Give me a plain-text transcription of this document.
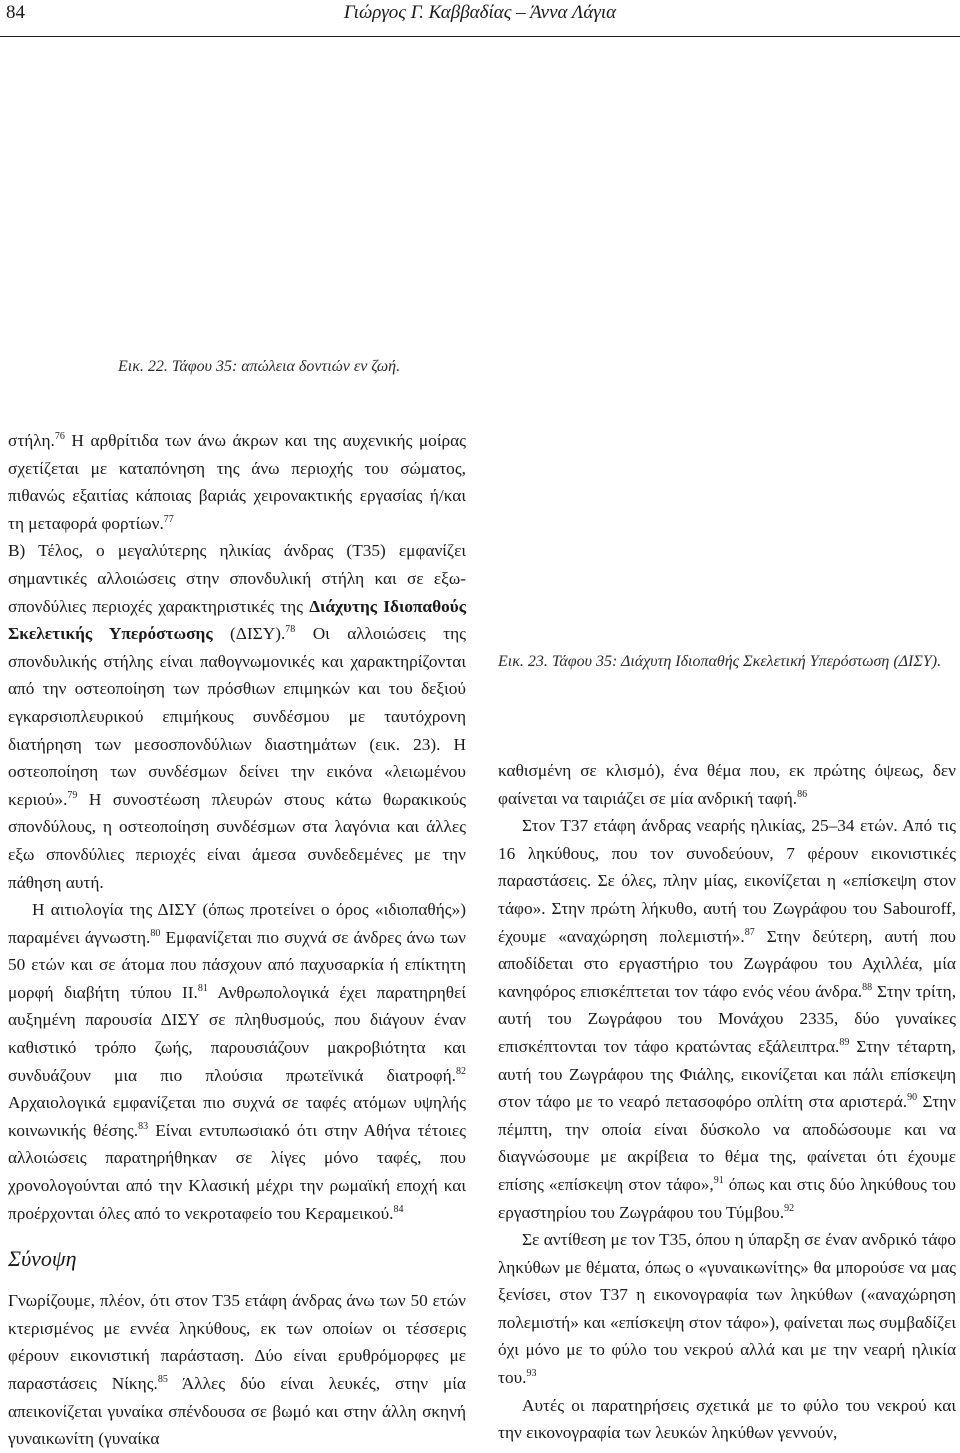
84	Γιώργος Γ. Καββαδίας – Άννα Λάγια
Εικ. 22. Τάφου 35: απώλεια δοντιών εν ζωή.
Εικ. 23. Τάφου 35: Διάχυτη Ιδιοπαθής Σκελετική Υπερόστωση (ΔΙΣΥ).

στήλη.$^{76}$ Η αρθρίτιδα των άνω άκρων και της αυχενικής μοίρας σχετίζεται με καταπόνηση της άνω περιοχής του σώματος, πιθανώς εξαιτίας κάποιας βαριάς χειρονακτικής εργασίας ή/και τη μεταφορά φορτίων.$^{77}$

Β) Τέλος, ο μεγαλύτερης ηλικίας άνδρας (Τ35) εμφανίζει σημαντικές αλλοιώσεις στην σπονδυλική στήλη και σε εξω-σπονδύλιες περιοχές χαρακτηριστικές της Διάχυτης Ιδιοπαθούς Σκελετικής Υπερόστωσης (ΔΙΣΥ).$^{78}$ Οι αλλοιώσεις της σπονδυλικής στήλης είναι παθογνωμονικές και χαρακτηρίζονται από την οστεοποίηση των πρόσθιων επιμηκών και του δεξιού εγκαρσιοπλευρικού επιμήκους συνδέσμου με ταυτόχρονη διατήρηση των μεσοσπονδύλιων διαστημάτων (εικ. 23). Η οστεοποίηση των συνδέσμων δείνει την εικόνα «λειωμένου κεριού».$^{79}$ Η συνοστέωση πλευρών στους κάτω θωρακικούς σπονδύλους, η οστεοποίηση συνδέσμων στα λαγόνια και άλλες εξω σπονδύλιες περιοχές είναι άμεσα συνδεδεμένες με την πάθηση αυτή.

Η αιτιολογία της ΔΙΣΥ (όπως προτείνει ο όρος «ιδιοπαθής») παραμένει άγνωστη.$^{80}$ Εμφανίζεται πιο συχνά σε άνδρες άνω των 50 ετών και σε άτομα που πάσχουν από παχυσαρκία ή επίκτητη μορφή διαβήτη τύπου ΙΙ.$^{81}$ Ανθρωπολογικά έχει παρατηρηθεί αυξημένη παρουσία ΔΙΣΥ σε πληθυσμούς, που διάγουν έναν καθιστικό τρόπο ζωής, παρουσιάζουν μακροβιότητα και συνδυάζουν μια πιο πλούσια πρωτεϊνικά διατροφή.$^{82}$ Αρχαιολογικά εμφανίζεται πιο συχνά σε ταφές ατόμων υψηλής κοινωνικής θέσης.$^{83}$ Είναι εντυπωσιακό ότι στην Αθήνα τέτοιες αλλοιώσεις παρατηρήθηκαν σε λίγες μόνο ταφές, που χρονολογούνται από την Κλασική μέχρι την ρωμαϊκή εποχή και προέρχονται όλες από το νεκροταφείο του Κεραμεικού.$^{84}$

Σύνοψη

Γνωρίζουμε, πλέον, ότι στον Τ35 ετάφη άνδρας άνω των 50 ετών κτερισμένος με εννέα ληκύθους, εκ των οποίων οι τέσσερις φέρουν εικονιστική παράσταση. Δύο είναι ερυθρόμορφες με παραστάσεις Νίκης.$^{85}$ Άλλες δύο είναι λευκές, στην μία απεικονίζεται γυναίκα σπένδουσα σε βωμό και στην άλλη σκηνή γυναικωνίτη (γυναίκα

καθισμένη σε κλισμό), ένα θέμα που, εκ πρώτης όψεως, δεν φαίνεται να ταιριάζει σε μία ανδρική ταφή.$^{86}$

Στον Τ37 ετάφη άνδρας νεαρής ηλικίας, 25–34 ετών. Από τις 16 ληκύθους, που τον συνοδεύουν, 7 φέρουν εικονιστικές παραστάσεις. Σε όλες, πλην μίας, εικονίζεται η «επίσκεψη στον τάφο». Στην πρώτη λήκυθο, αυτή του Ζωγράφου του Sabouroff, έχουμε «αναχώρηση πολεμιστή».$^{87}$ Στην δεύτερη, αυτή που αποδίδεται στο εργαστήριο του Ζωγράφου του Αχιλλέα, μία κανηφόρος επισκέπτεται τον τάφο ενός νέου άνδρα.$^{88}$ Στην τρίτη, αυτή του Ζωγράφου του Μονάχου 2335, δύο γυναίκες επισκέπτονται τον τάφο κρατώντας εξάλειπτρα.$^{89}$ Στην τέταρτη, αυτή του Ζωγράφου της Φιάλης, εικονίζεται και πάλι επίσκεψη στον τάφο με το νεαρό πετασοφόρο οπλίτη στα αριστερά.$^{90}$ Στην πέμπτη, την οποία είναι δύσκολο να αποδώσουμε και να διαγνώσουμε με ακρίβεια το θέμα της, φαίνεται ότι έχουμε επίσης «επίσκεψη στον τάφο»,$^{91}$ όπως και στις δύο ληκύθους του εργαστηρίου του Ζωγράφου του Τύμβου.$^{92}$

Σε αντίθεση με τον Τ35, όπου η ύπαρξη σε έναν ανδρικό τάφο ληκύθων με θέματα, όπως ο «γυναικωνίτης» θα μπορούσε να μας ξενίσει, στον Τ37 η εικονογραφία των ληκύθων («αναχώρηση πολεμιστή» και «επίσκεψη στον τάφο»), φαίνεται πως συμβαδίζει όχι μόνο με το φύλο του νεκρού αλλά και με την νεαρή ηλικία του.$^{93}$

Αυτές οι παρατηρήσεις σχετικά με το φύλο του νεκρού και την εικονογραφία των λευκών ληκύθων γεννούν,
